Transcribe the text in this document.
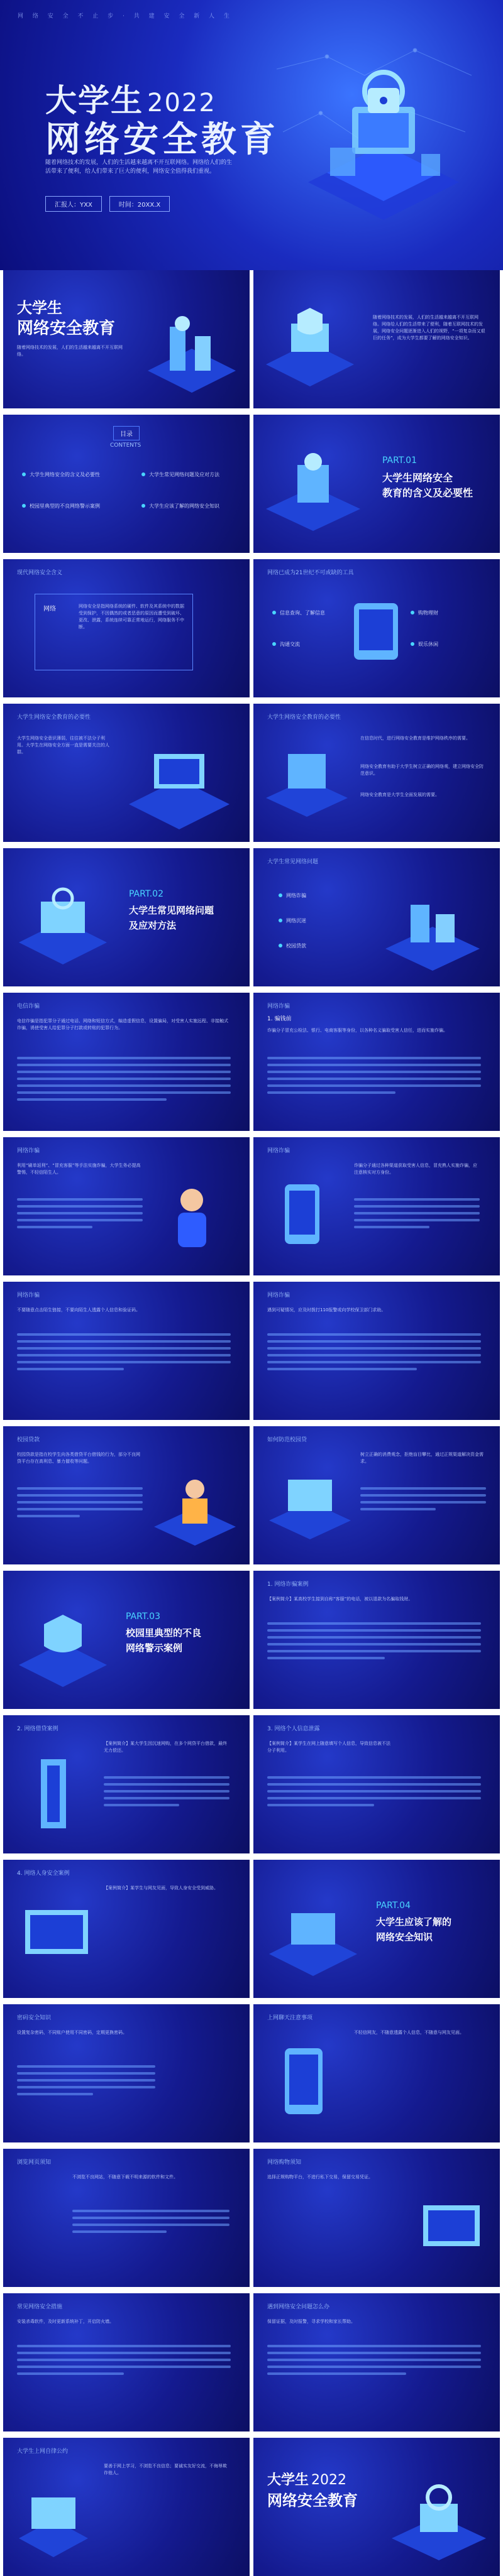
网 络 安 全 不 止 步 · 共 建 安 全 新 人 生
大学生 2022
网络安全教育
随着网络技术的发展，人们的生活越来越离不开互联网络。网络给人们的生活带来了便利，给人们带来了巨大的便利，网络安全值得我们重视。
汇报人：YXX	时间：20XX.X
大学生
网络安全教育
随着网络技术的发展，人们的生活越来越离不开互联网络。
随着网络技术的发展，人们的生活越来越离不开互联网络。网络给人们的生活带来了便利，随着互联网技术的发展，网络安全问题逐渐进入人们的视野，“一项复杂而又艰巨的任务”，成为大学生都要了解的网络安全知识。
目录
CONTENTS
大学生网络安全的含义及必要性	大学生常见网络问题及应对方法
校园里典型的不良网络警示案例	大学生应该了解的网络安全知识
PART.01
大学生网络安全
教育的含义及必要性
现代网络安全含义
网络	网络安全是指网络系统的硬件、软件及其系统中的数据受到保护，不因偶然的或者恶意的原因而遭受到破坏、更改、泄露，系统连续可靠正常地运行，网络服务不中断。
网络已成为21世纪不可或缺的工具
信息查询、了解信息
沟通交流
购物理财
娱乐休闲
大学生网络安全教育的必要性
大学生网络安全意识薄弱，往往被不法分子利用。大学生在网络安全方面一直是需要关注的人群。
大学生网络安全教育的必要性
在信息时代，进行网络安全教育是维护网络秩序的需要。
网络安全教育有助于大学生树立正确的网络观，建立网络安全防范意识。
网络安全教育是大学生全面发展的需要。
PART.02
大学生常见网络问题
及应对方法
大学生常见网络问题
网络诈骗
网络沉迷
校园贷款
电信诈骗
电信诈骗是指犯罪分子通过电话、网络和短信方式，编造虚假信息，设置骗局，对受害人实施远程、非接触式诈骗，诱使受害人给犯罪分子打款或转账的犯罪行为。
网络诈骗
1. 骗钱前
诈骗分子冒充公检法、银行、电商客服等身份，以各种名义骗取受害人信任，进而实施诈骗。
网络诈骗
利用“刷单返利”、“冒充客服”等手法实施诈骗，大学生务必提高警惕，不轻信陌生人。
网络诈骗
诈骗分子通过各种渠道获取受害人信息，冒充熟人实施诈骗，应注意核实对方身份。
网络诈骗
不要随意点击陌生链接，不要向陌生人透露个人信息和验证码。
网络诈骗
遇到可疑情况，应及时拨打110报警或向学校保卫部门求助。
校园贷款
校园贷款是指在校学生向各类借贷平台借钱的行为，部分不良网贷平台存在高利息、暴力催收等问题。
如何防范校园贷
树立正确的消费观念，拒绝盲目攀比，通过正规渠道解决资金需求。
PART.03
校园里典型的不良
网络警示案例
1. 网络诈骗案例
【案例简介】某高校学生接到自称“客服”的电话，被以退款为名骗取钱财。
2. 网络借贷案例
【案例简介】某大学生因沉迷网购，在多个网贷平台借款，最终无力偿还。
3. 网络个人信息泄露
【案例简介】某学生在网上随意填写个人信息，导致信息被不法分子利用。
4. 网络人身安全案例
【案例简介】某学生与网友见面，导致人身安全受到威胁。
PART.04
大学生应该了解的
网络安全知识
密码安全知识
设置复杂密码，不同账户使用不同密码，定期更换密码。
上网聊天注意事项
不轻信网友，不随意透露个人信息，不随意与网友见面。
浏览网页须知
不浏览不良网站，不随意下载不明来源的软件和文件。
网络购物须知
选择正规购物平台，不进行私下交易，保留交易凭证。
常见网络安全措施
安装杀毒软件，及时更新系统补丁，开启防火墙。
遇到网络安全问题怎么办
保留证据，及时报警，寻求学校和家长帮助。
大学生上网自律公约
要善于网上学习，不浏览不良信息；要诚实友好交流，不侮辱欺诈他人。	大学生 2022
网络安全教育
